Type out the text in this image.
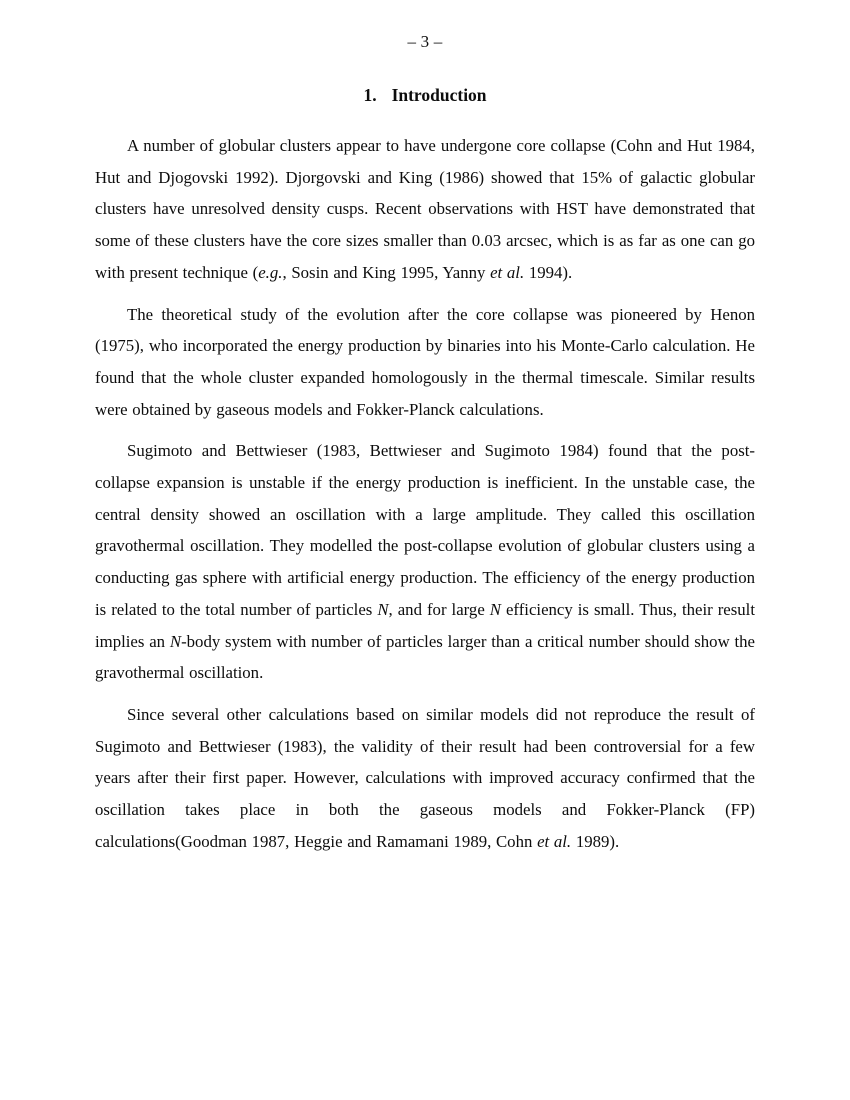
– 3 –
1. Introduction

A number of globular clusters appear to have undergone core collapse (Cohn and Hut 1984, Hut and Djogovski 1992). Djorgovski and King (1986) showed that 15% of galactic globular clusters have unresolved density cusps. Recent observations with HST have demonstrated that some of these clusters have the core sizes smaller than 0.03 arcsec, which is as far as one can go with present technique (e.g., Sosin and King 1995, Yanny et al. 1994).

The theoretical study of the evolution after the core collapse was pioneered by Henon (1975), who incorporated the energy production by binaries into his Monte-Carlo calculation. He found that the whole cluster expanded homologously in the thermal timescale. Similar results were obtained by gaseous models and Fokker-Planck calculations.

Sugimoto and Bettwieser (1983, Bettwieser and Sugimoto 1984) found that the post-collapse expansion is unstable if the energy production is inefficient. In the unstable case, the central density showed an oscillation with a large amplitude. They called this oscillation gravothermal oscillation. They modelled the post-collapse evolution of globular clusters using a conducting gas sphere with artificial energy production. The efficiency of the energy production is related to the total number of particles N, and for large N efficiency is small. Thus, their result implies an N-body system with number of particles larger than a critical number should show the gravothermal oscillation.

Since several other calculations based on similar models did not reproduce the result of Sugimoto and Bettwieser (1983), the validity of their result had been controversial for a few years after their first paper. However, calculations with improved accuracy confirmed that the oscillation takes place in both the gaseous models and Fokker-Planck (FP) calculations(Goodman 1987, Heggie and Ramamani 1989, Cohn et al. 1989).
